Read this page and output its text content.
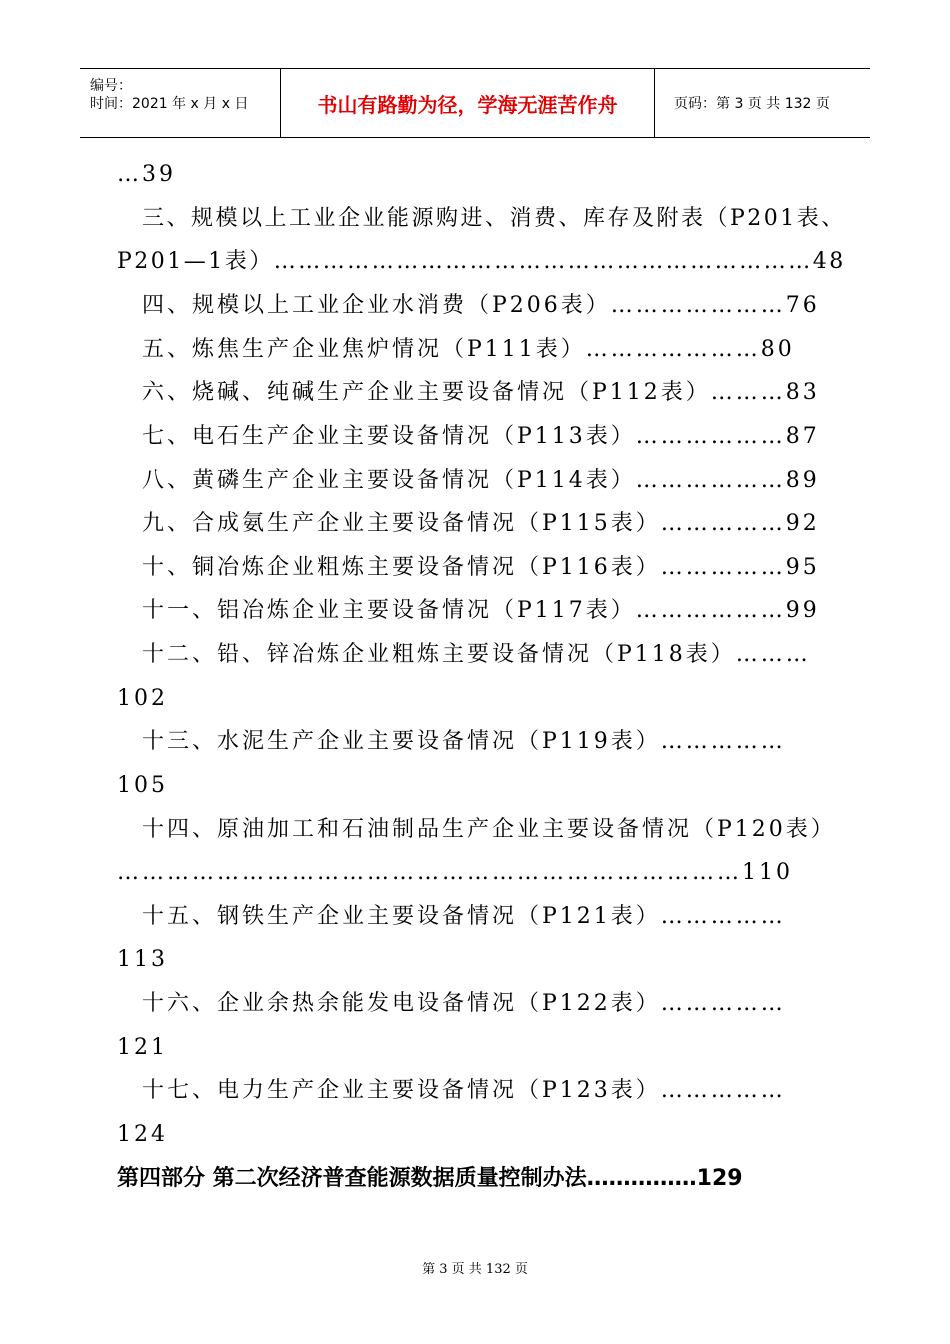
编号：
时间：2021 年 x 月 x 日	书山有路勤为径，学海无涯苦作舟	页码：第 3 页 共 132 页
…39
三、规模以上工业企业能源购进、消费、库存及附表（P201表、
P201—1表）…………………………………………………………48
四、规模以上工业企业水消费（P206表）…………………76
五、炼焦生产企业焦炉情况（P111表）…………………80
六、烧碱、纯碱生产企业主要设备情况（P112表）………83
七、电石生产企业主要设备情况（P113表）………………87
八、黄磷生产企业主要设备情况（P114表）………………89
九、合成氨生产企业主要设备情况（P115表）……………92
十、铜冶炼企业粗炼主要设备情况（P116表）……………95
十一、铝冶炼企业主要设备情况（P117表）………………99
十二、铅、锌冶炼企业粗炼主要设备情况（P118表）………
102
十三、水泥生产企业主要设备情况（P119表）……………
105
十四、原油加工和石油制品生产企业主要设备情况（P120表）
…………………………………………………………………110
十五、钢铁生产企业主要设备情况（P121表）……………
113
十六、企业余热余能发电设备情况（P122表）……………
121
十七、电力生产企业主要设备情况（P123表）……………
124
第四部分 第二次经济普查能源数据质量控制办法……………129
第 3 页 共 132 页
